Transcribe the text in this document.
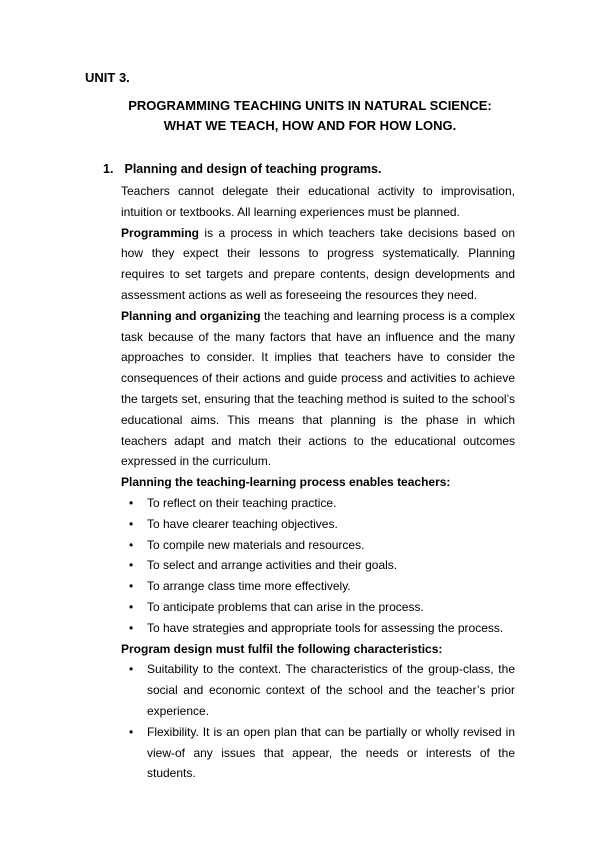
UNIT 3.
PROGRAMMING TEACHING UNITS IN NATURAL SCIENCE:
WHAT WE TEACH, HOW AND FOR HOW LONG.
1. Planning and design of teaching programs.

Teachers cannot delegate their educational activity to improvisation, intuition or textbooks. All learning experiences must be planned.

Programming is a process in which teachers take decisions based on how they expect their lessons to progress systematically. Planning requires to set targets and prepare contents, design developments and assessment actions as well as foreseeing the resources they need.

Planning and organizing the teaching and learning process is a complex task because of the many factors that have an influence and the many approaches to consider. It implies that teachers have to consider the consequences of their actions and guide process and activities to achieve the targets set, ensuring that the teaching method is suited to the school’s educational aims. This means that planning is the phase in which teachers adapt and match their actions to the educational outcomes expressed in the curriculum.

Planning the teaching-learning process enables teachers:

• To reflect on their teaching practice.
• To have clearer teaching objectives.
• To compile new materials and resources.
• To select and arrange activities and their goals.
• To arrange class time more effectively.
• To anticipate problems that can arise in the process.
• To have strategies and appropriate tools for assessing the process.

Program design must fulfil the following characteristics:

• Suitability to the context. The characteristics of the group-class, the social and economic context of the school and the teacher’s prior experience.
• Flexibility. It is an open plan that can be partially or wholly revised in view-of any issues that appear, the needs or interests of the students.
